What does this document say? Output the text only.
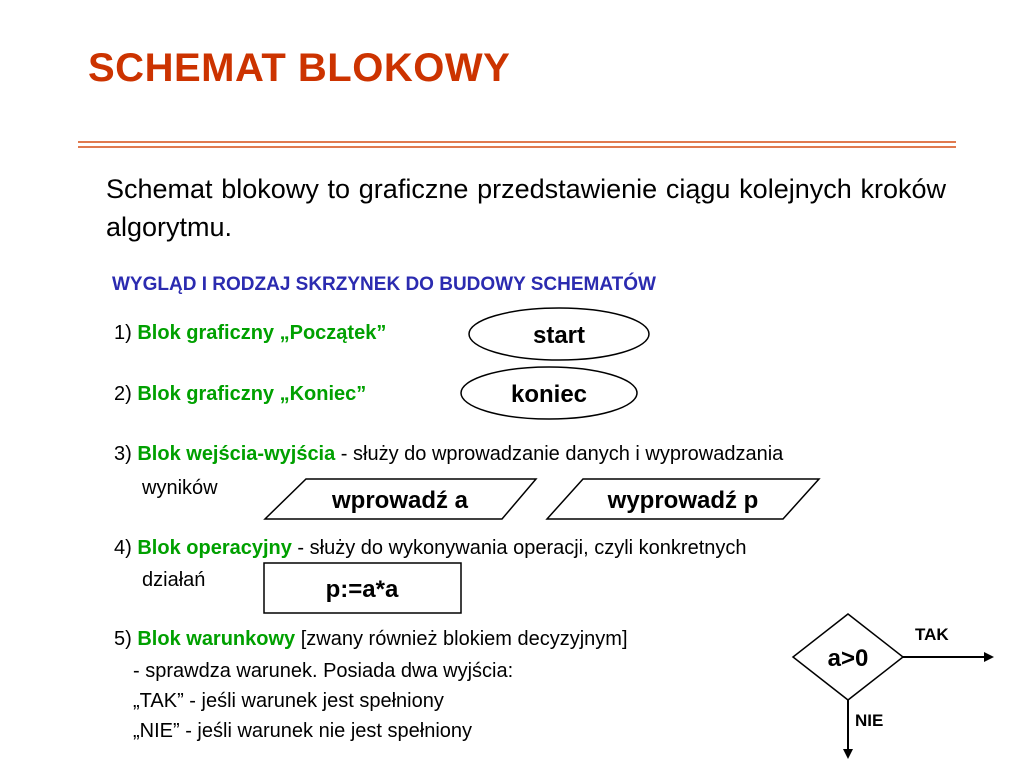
SCHEMAT BLOKOWY
Schemat blokowy to graficzne przedstawienie ciągu kolejnych kroków algorytmu.
WYGLĄD I RODZAJ SKRZYNEK DO BUDOWY SCHEMATÓW
1) Blok graficzny „Początek”
2) Blok graficzny „Koniec”
3) Blok wejścia-wyjścia - służy do wprowadzanie danych i wyprowadzania
wyników
4) Blok operacyjny - służy do wykonywania operacji, czyli konkretnych
działań
5) Blok warunkowy [zwany również blokiem decyzyjnym]
- sprawdza warunek. Posiada dwa wyjścia:
„TAK” - jeśli warunek jest spełniony
„NIE” - jeśli warunek nie jest spełniony
start
koniec
wprowadź a	wyprowadź p
p:=a*a
a>0
TAK
NIE
